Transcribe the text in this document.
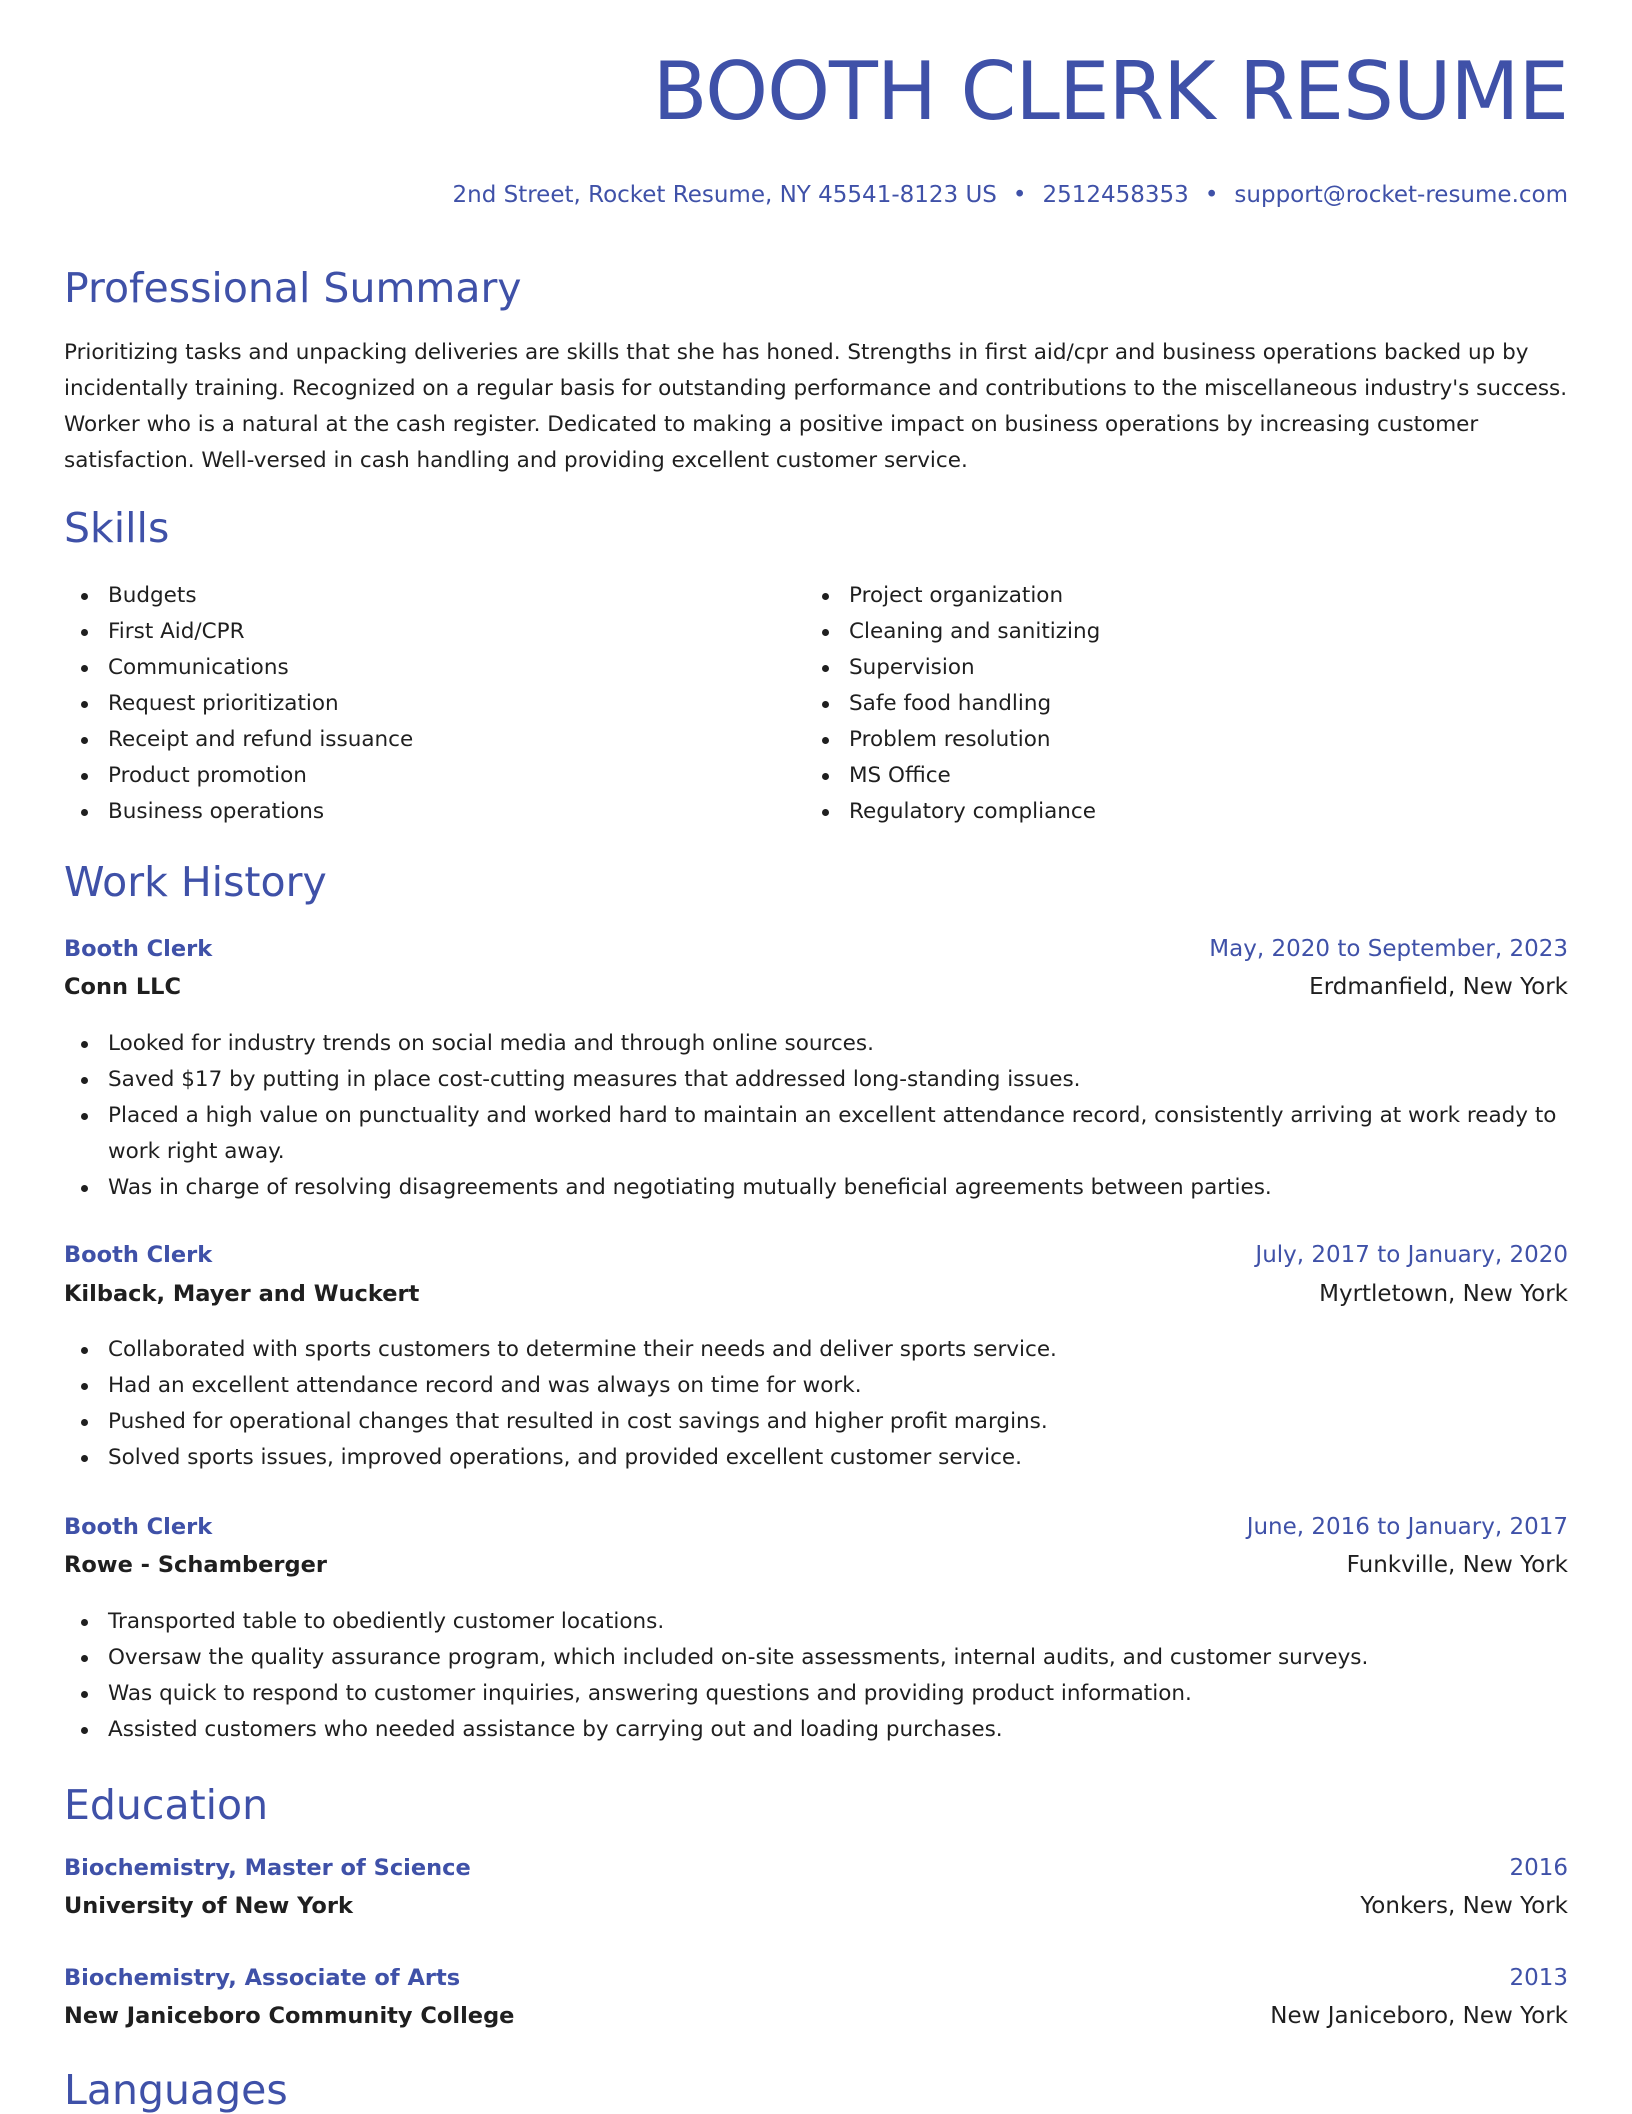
BOOTH CLERK RESUME
2nd Street, Rocket Resume, NY 45541-8123 US • 2512458353 • support@rocket-resume.com
Professional Summary

Prioritizing tasks and unpacking deliveries are skills that she has honed. Strengths in first aid/cpr and business operations backed up by incidentally training. Recognized on a regular basis for outstanding performance and contributions to the miscellaneous industry's success. Worker who is a natural at the cash register. Dedicated to making a positive impact on business operations by increasing customer satisfaction. Well-versed in cash handling and providing excellent customer service.

Skills
Budgets
First Aid/CPR
Communications
Request prioritization
Receipt and refund issuance
Product promotion
Business operations
Project organization
Cleaning and sanitizing
Supervision
Safe food handling
Problem resolution
MS Office
Regulatory compliance
Work History
Booth Clerk	May, 2020 to September, 2023
Conn LLC	Erdmanfield, New York
Looked for industry trends on social media and through online sources.
Saved $17 by putting in place cost-cutting measures that addressed long-standing issues.
Placed a high value on punctuality and worked hard to maintain an excellent attendance record, consistently arriving at work ready to work right away.
Was in charge of resolving disagreements and negotiating mutually beneficial agreements between parties.
Booth Clerk	July, 2017 to January, 2020
Kilback, Mayer and Wuckert	Myrtletown, New York
Collaborated with sports customers to determine their needs and deliver sports service.
Had an excellent attendance record and was always on time for work.
Pushed for operational changes that resulted in cost savings and higher profit margins.
Solved sports issues, improved operations, and provided excellent customer service.
Booth Clerk	June, 2016 to January, 2017
Rowe - Schamberger	Funkville, New York
Transported table to obediently customer locations.
Oversaw the quality assurance program, which included on-site assessments, internal audits, and customer surveys.
Was quick to respond to customer inquiries, answering questions and providing product information.
Assisted customers who needed assistance by carrying out and loading purchases.
Education
Biochemistry, Master of Science	2016
University of New York	Yonkers, New York
Biochemistry, Associate of Arts	2013
New Janiceboro Community College	New Janiceboro, New York
Languages
